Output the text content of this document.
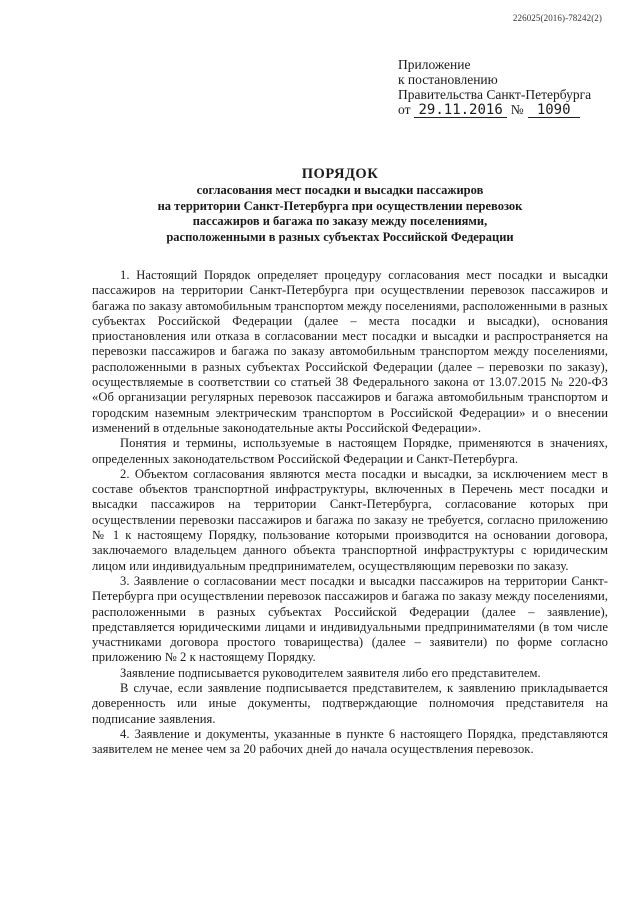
226025(2016)-78242(2)
Приложение
к постановлению
Правительства Санкт-Петербурга
от 29.11.2016 № 1090
ПОРЯДОК
согласования мест посадки и высадки пассажиров
на территории Санкт-Петербурга при осуществлении перевозок
пассажиров и багажа по заказу между поселениями,
расположенными в разных субъектах Российской Федерации

1. Настоящий Порядок определяет процедуру согласования мест посадки и высадки пассажиров на территории Санкт-Петербурга при осуществлении перевозок пассажиров и багажа по заказу автомобильным транспортом между поселениями, расположенными в разных субъектах Российской Федерации (далее – места посадки и высадки), основания приостановления или отказа в согласовании мест посадки и высадки и распространяется на перевозки пассажиров и багажа по заказу автомобильным транспортом между поселениями, расположенными в разных субъектах Российской Федерации (далее – перевозки по заказу), осуществляемые в соответствии со статьей 38 Федерального закона от 13.07.2015 № 220-ФЗ «Об организации регулярных перевозок пассажиров и багажа автомобильным транспортом и городским наземным электрическим транспортом в Российской Федерации» и о внесении изменений в отдельные законодательные акты Российской Федерации».

Понятия и термины, используемые в настоящем Порядке, применяются в значениях, определенных законодательством Российской Федерации и Санкт-Петербурга.

2. Объектом согласования являются места посадки и высадки, за исключением мест в составе объектов транспортной инфраструктуры, включенных в Перечень мест посадки и высадки пассажиров на территории Санкт-Петербурга, согласование которых при осуществлении перевозки пассажиров и багажа по заказу не требуется, согласно приложению № 1 к настоящему Порядку, пользование которыми производится на основании договора, заключаемого владельцем данного объекта транспортной инфраструктуры с юридическим лицом или индивидуальным предпринимателем, осуществляющим перевозки по заказу.

3. Заявление о согласовании мест посадки и высадки пассажиров на территории Санкт-Петербурга при осуществлении перевозок пассажиров и багажа по заказу между поселениями, расположенными в разных субъектах Российской Федерации (далее – заявление), представляется юридическими лицами и индивидуальными предпринимателями (в том числе участниками договора простого товарищества) (далее – заявители) по форме согласно приложению № 2 к настоящему Порядку.

Заявление подписывается руководителем заявителя либо его представителем.

В случае, если заявление подписывается представителем, к заявлению прикладывается доверенность или иные документы, подтверждающие полномочия представителя на подписание заявления.

4. Заявление и документы, указанные в пункте 6 настоящего Порядка, представляются заявителем не менее чем за 20 рабочих дней до начала осуществления перевозок.
